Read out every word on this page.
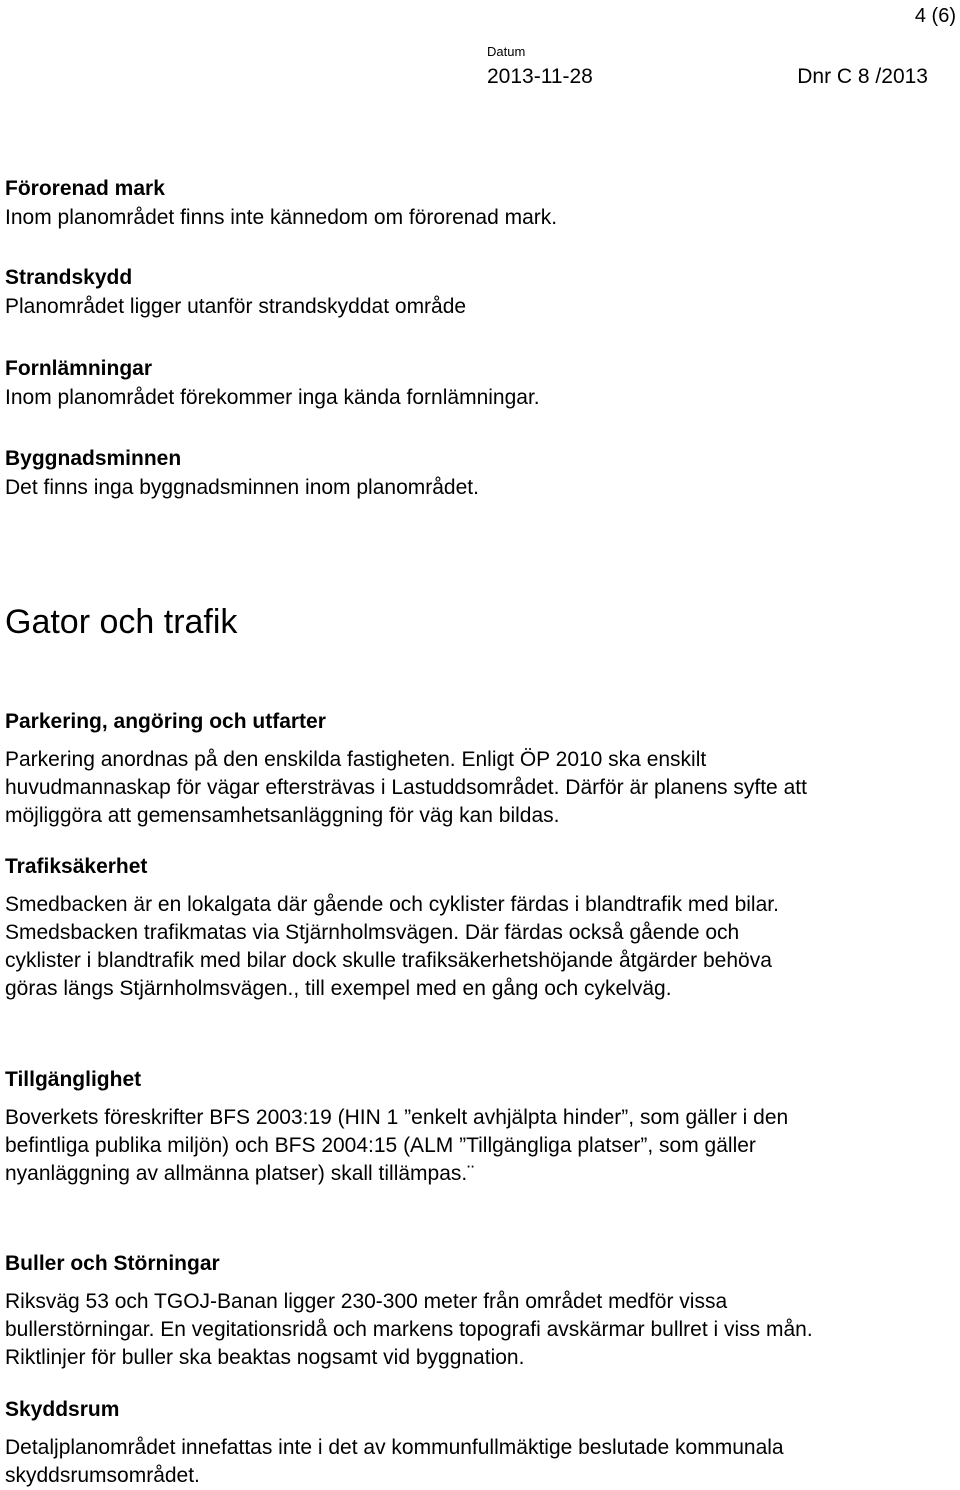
4 (6)
Datum
2013-11-28	Dnr C 8 /2013

Förorenad mark

Inom planområdet finns inte kännedom om förorenad mark.

Strandskydd

Planområdet ligger utanför strandskyddat område

Fornlämningar

Inom planområdet förekommer inga kända fornlämningar.

Byggnadsminnen

Det finns inga byggnadsminnen inom planområdet.

Gator och trafik

Parkering, angöring och utfarter

Parkering anordnas på den enskilda fastigheten. Enligt ÖP 2010 ska enskilt

huvudmannaskap för vägar eftersträvas i Lastuddsområdet. Därför är planens syfte att

möjliggöra att gemensamhetsanläggning för väg kan bildas.

Trafiksäkerhet

Smedbacken är en lokalgata där gående och cyklister färdas i blandtrafik med bilar.

Smedsbacken trafikmatas via Stjärnholmsvägen. Där färdas också gående och

cyklister i blandtrafik med bilar dock skulle trafiksäkerhetshöjande åtgärder behöva

göras längs Stjärnholmsvägen., till exempel med en gång och cykelväg.

Tillgänglighet

Boverkets föreskrifter BFS 2003:19 (HIN 1 ”enkelt avhjälpta hinder”, som gäller i den

befintliga publika miljön) och BFS 2004:15 (ALM ”Tillgängliga platser”, som gäller

nyanläggning av allmänna platser) skall tillämpas.¨

Buller och Störningar

Riksväg 53 och TGOJ-Banan ligger 230-300 meter från området medför vissa

bullerstörningar. En vegitationsridå och markens topografi avskärmar bullret i viss mån.

Riktlinjer för buller ska beaktas nogsamt vid byggnation.

Skyddsrum

Detaljplanområdet innefattas inte i det av kommunfullmäktige beslutade kommunala

skyddsrumsområdet.
